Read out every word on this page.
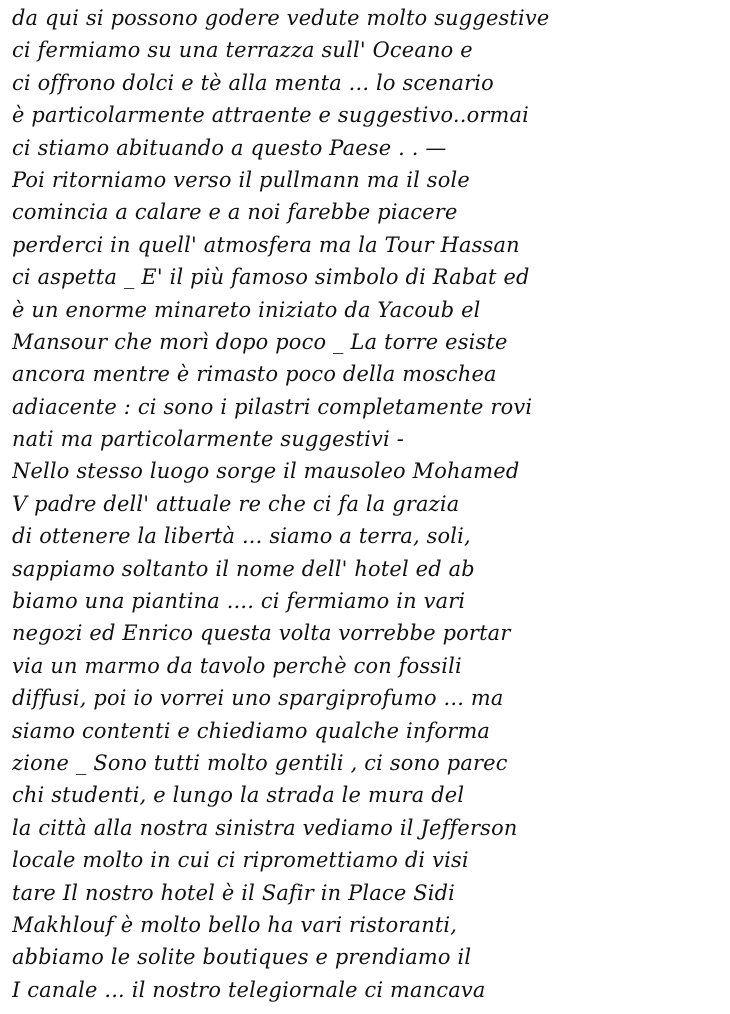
da qui si possono godere vedute molto suggestive
ci fermiamo su una terrazza sull' Oceano e
ci offrono dolci e tè alla menta ... lo scenario
è particolarmente attraente e suggestivo..ormai
ci stiamo abituando a questo Paese . . —
Poi ritorniamo verso il pullmann ma il sole
comincia a calare e a noi farebbe piacere
perderci in quell' atmosfera ma la Tour Hassan
ci aspetta _ E' il più famoso simbolo di Rabat ed
è un enorme minareto iniziato da Yacoub el
Mansour che morì dopo poco _ La torre esiste
ancora mentre è rimasto poco della moschea
adiacente : ci sono i pilastri completamente rovi
nati ma particolarmente suggestivi -
Nello stesso luogo sorge il mausoleo Mohamed
V padre dell' attuale re che ci fa la grazia
di ottenere la libertà ... siamo a terra, soli,
sappiamo soltanto il nome dell' hotel ed ab
biamo una piantina .... ci fermiamo in vari
negozi ed Enrico questa volta vorrebbe portar
via un marmo da tavolo perchè con fossili
diffusi, poi io vorrei uno spargiprofumo ... ma
siamo contenti e chiediamo qualche informa
zione _ Sono tutti molto gentili , ci sono parec
chi studenti, e lungo la strada le mura del
la città alla nostra sinistra vediamo il Jefferson
locale molto in cui ci ripromettiamo di visi
tare Il nostro hotel è il Safir in Place Sidi
Makhlouf è molto bello ha vari ristoranti,
abbiamo le solite boutiques e prendiamo il
I canale ... il nostro telegiornale ci mancava
